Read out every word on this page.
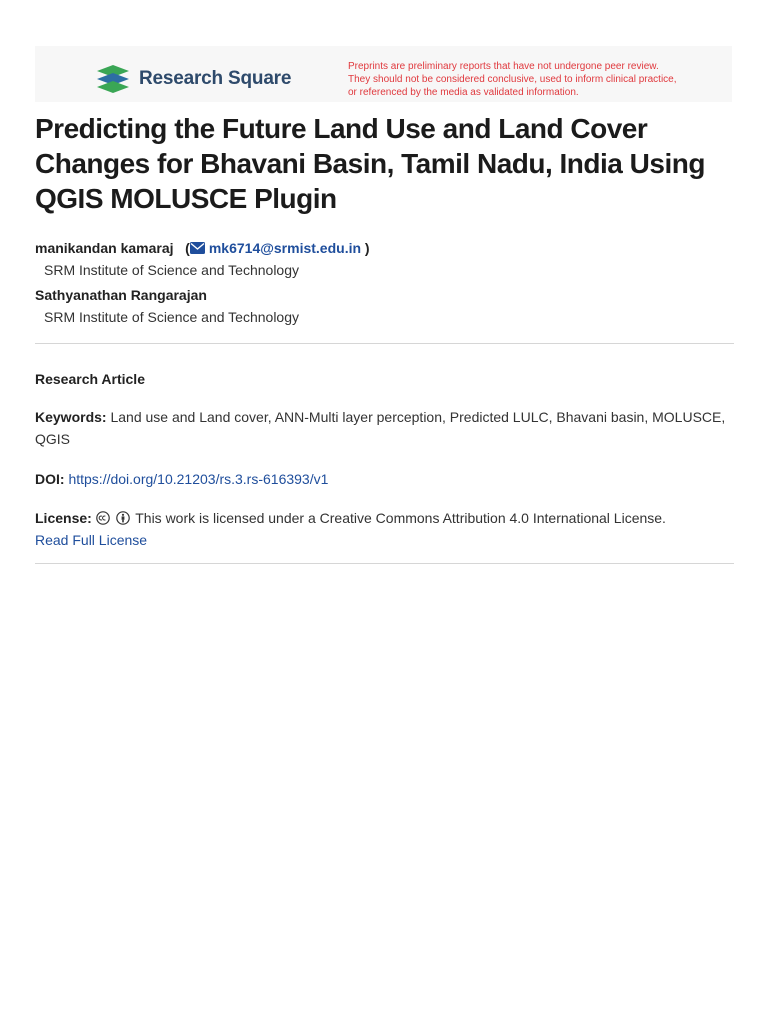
Research Square
Preprints are preliminary reports that have not undergone peer review.
They should not be considered conclusive, used to inform clinical practice,
or referenced by the media as validated information.
Predicting the Future Land Use and Land Cover
Changes for Bhavani Basin, Tamil Nadu, India Using
QGIS MOLUSCE Plugin
manikandan kamaraj   ( mk6714@srmist.edu.in )
SRM Institute of Science and Technology
Sathyanathan Rangarajan
SRM Institute of Science and Technology
Research Article
Keywords: Land use and Land cover, ANN-Multi layer perception, Predicted LULC, Bhavani basin, MOLUSCE, QGIS
DOI: https://doi.org/10.21203/rs.3.rs-616393/v1
License:	This work is licensed under a Creative Commons Attribution 4.0 International License.
Read Full License
